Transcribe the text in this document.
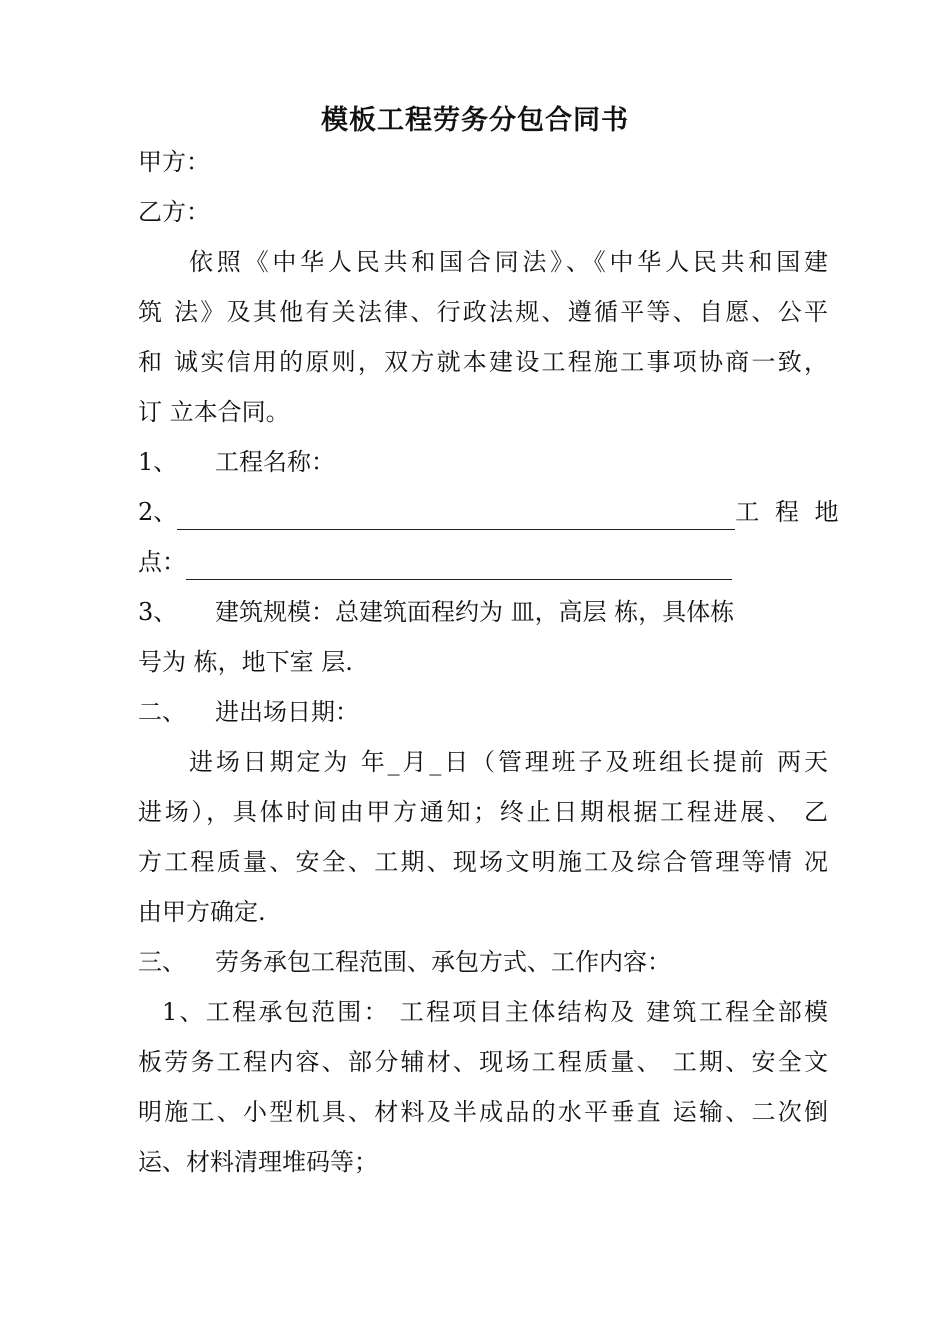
模板工程劳务分包合同书
甲方：
乙方：
依照《中华人民共和国合同法》、《中华人民共和国建
筑 法》及其他有关法律、行政法规、遵循平等、自愿、公平
和 诚实信用的原则，双方就本建设工程施工事项协商一致，
订 立本合同。
1、 工程名称：
2、	工 程 地
点：
3、 建筑规模：总建筑面程约为 皿，高层 栋，具体栋
号为 栋，地下室 层.
二、 进出场日期：
进场日期定为 年_月_日（管理班子及班组长提前 两天
进场），具体时间由甲方通知；终止日期根据工程进展、 乙
方工程质量、安全、工期、现场文明施工及综合管理等情 况
由甲方确定.
三、 劳务承包工程范围、承包方式、工作内容：
1、工程承包范围： 工程项目主体结构及 建筑工程全部模
板劳务工程内容、部分辅材、现场工程质量、 工期、安全文
明施工、小型机具、材料及半成品的水平垂直 运输、二次倒
运、材料清理堆码等；
